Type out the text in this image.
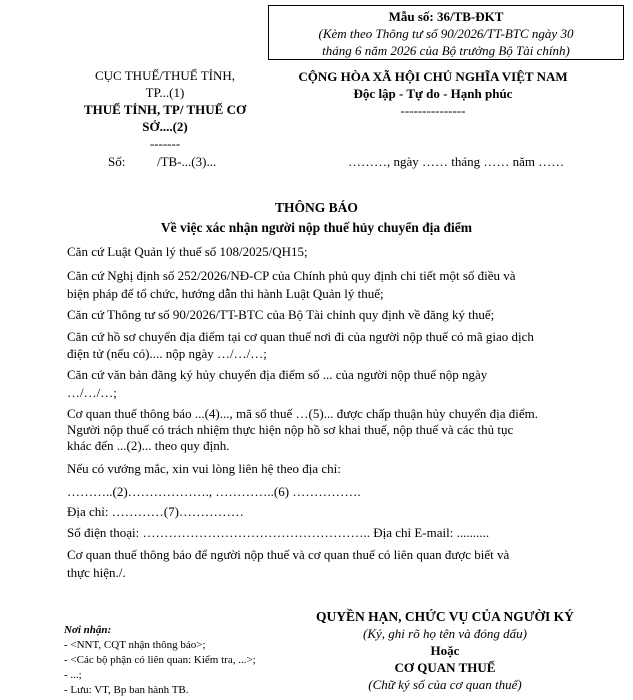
Mẫu số: 36/TB-ĐKT
(Kèm theo Thông tư số 90/2026/TT-BTC ngày 30
tháng 6 năm 2026 của Bộ trưởng Bộ Tài chính)
CỤC THUẾ/THUẾ TỈNH,
TP...(1)
THUẾ TỈNH, TP/ THUẾ CƠ
SỞ....(2)
-------
CỘNG HÒA XÃ HỘI CHỦ NGHĨA VIỆT NAM
Độc lập - Tự do - Hạnh phúc
---------------
Số: /TB-...(3)...	………, ngày …… tháng …… năm ……
THÔNG BÁO
Về việc xác nhận người nộp thuế hủy chuyển địa điểm
Căn cứ Luật Quản lý thuế số 108/2025/QH15;
Căn cứ Nghị định số 252/2026/NĐ-CP của Chính phủ quy định chi tiết một số điều và
biện pháp để tổ chức, hướng dẫn thi hành Luật Quản lý thuế;
Căn cứ Thông tư số 90/2026/TT-BTC của Bộ Tài chính quy định về đăng ký thuế;
Căn cứ hồ sơ chuyển địa điểm tại cơ quan thuế nơi đi của người nộp thuế có mã giao dịch
điện tử (nếu có).... nộp ngày …/…/…;
Căn cứ văn bản đăng ký hủy chuyển địa điểm số ... của người nộp thuế nộp ngày
…/…/…;
Cơ quan thuế thông báo ...(4)..., mã số thuế …(5)... được chấp thuận hủy chuyển địa điểm.
Người nộp thuế có trách nhiệm thực hiện nộp hồ sơ khai thuế, nộp thuế và các thủ tục
khác đến ...(2)... theo quy định.
Nếu có vướng mắc, xin vui lòng liên hệ theo địa chỉ:
………..(2)………………., …………..(6) …………….
Địa chỉ: …………(7)……………
Số điện thoại: …………………………………………….. Địa chỉ E-mail: ..........
Cơ quan thuế thông báo để người nộp thuế và cơ quan thuế có liên quan được biết và
thực hiện./.
Nơi nhận:
- <NNT, CQT nhận thông báo>;
- <Các bộ phận có liên quan: Kiểm tra, ...>;
- ...;
- Lưu: VT, Bp ban hành TB.
QUYỀN HẠN, CHỨC VỤ CỦA NGƯỜI KÝ
(Ký, ghi rõ họ tên và đóng dấu)
Hoặc
CƠ QUAN THUẾ
(Chữ ký số của cơ quan thuế)
